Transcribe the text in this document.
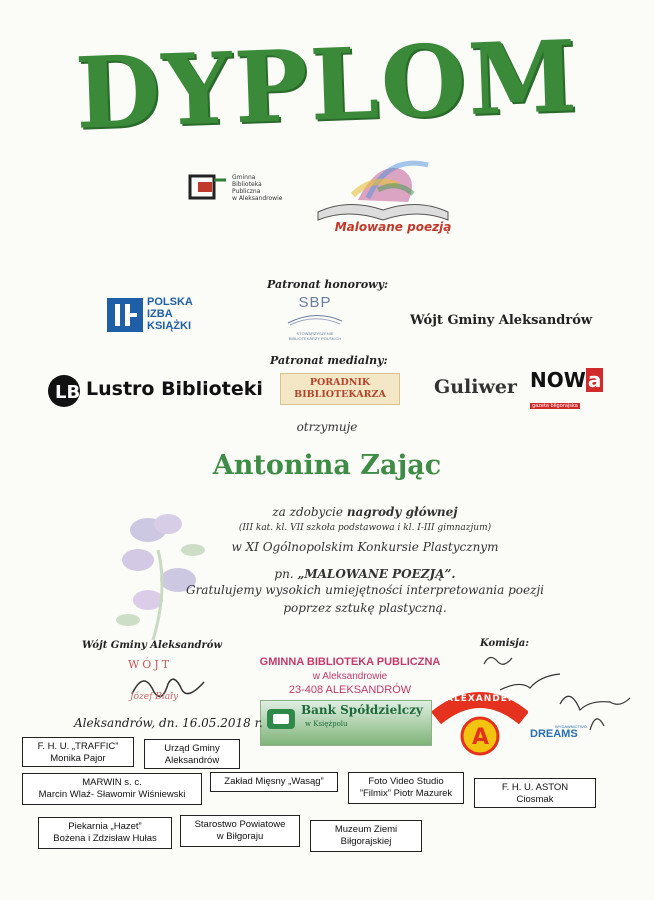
DYPLOM
Gminna
Biblioteka
Publiczna
w Aleksandrowie
Malowane poezją
Patronat honorowy:
POLSKA
IZBA
KSIĄŻKI
SBP
STOWARZYSZENIE BIBLIOTEKARZY POLSKICH
Wójt Gminy Aleksandrów
Patronat medialny:
LB Lustro Biblioteki	PORADNIK
BIBLIOTEKARZA	Guliwer NOW a
gazeta biłgorajska
otrzymuje
Antonina Zając
za zdobycie nagrody głównej
(III kat. kl. VII szkoła podstawowa i kl. I-III gimnazjum)
w XI Ogólnopolskim Konkursie Plastycznym
pn. „MALOWANE POEZJĄ”.
Gratulujemy wysokich umiejętności interpretowania poezji
poprzez sztukę plastyczną.
Wójt Gminy Aleksandrów
WÓJT
Józef Biały
GMINNA BIBLIOTEKA PUBLICZNA
w Aleksandrowie
23-408 ALEKSANDRÓW
Bank Spółdzielczy
w Księżpolu
Komisja:
A
ALEXANDER
WYDAWNICTWO
DREAMS
Aleksandrów, dn. 16.05.2018 r.
F. H. U. „TRAFFIC”
Monika Pajor
Urząd Gminy
Aleksandrów
MARWIN s. c.
Marcin Wlaź- Sławomir Wiśniewski
Zakład Mięsny „Wasąg”	Foto Video Studio
”Filmix” Piotr Mazurek
F. H. U. ASTON
Ciosmak
Piekarnia „Hazet”
Bożena i Zdzisław Hułas
Starostwo Powiatowe
w Biłgoraju
Muzeum Ziemi
Biłgorajskiej
